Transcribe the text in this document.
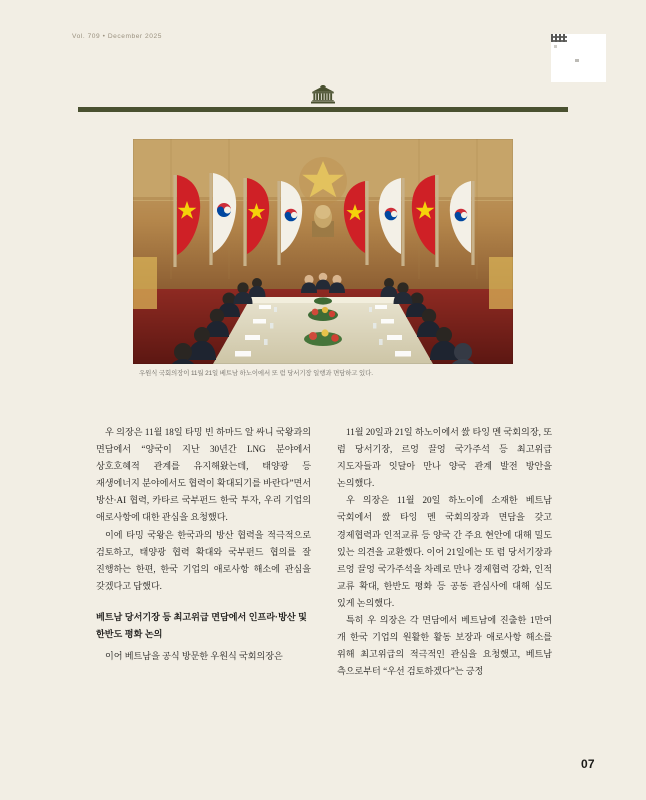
Vol. 709 • December 2025
우원식 국회의장이 11월 21일 베트남 하노이에서 또 럼 당서기장 일행과 면담하고 있다.

우 의장은 11월 18일 타밍 빈 하마드 알 싸니 국왕과의 면담에서 “양국이 지난 30년간 LNG 분야에서 상호호혜적 관계를 유지해왔는데, 태양광 등 재생에너지 분야에서도 협력이 확대되기를 바란다”면서 방산·AI 협력, 카타르 국부펀드 한국 투자, 우리 기업의 애로사항에 대한 관심을 요청했다.

이에 타밍 국왕은 한국과의 방산 협력을 적극적으로 검토하고, 태양광 협력 확대와 국부펀드 협의를 잘 진행하는 한편, 한국 기업의 애로사항 해소에 관심을 갖겠다고 답했다.

베트남 당서기장 등 최고위급 면담에서 인프라·방산 및 한반도 평화 논의

이어 베트남을 공식 방문한 우원식 국회의장은

11월 20일과 21일 하노이에서 쌄 타잉 멘 국회의장, 또 럼 당서기장, 르엉 끌엉 국가주석 등 최고위급 지도자들과 잇달아 만나 양국 관계 발전 방안을 논의했다.

우 의장은 11월 20일 하노이에 소재한 베트남 국회에서 쌄 타잉 멘 국회의장과 면담을 갖고 경제협력과 인적교류 등 양국 간 주요 현안에 대해 밀도 있는 의견을 교환했다. 이어 21일에는 또 럼 당서기장과 르엉 끌엉 국가주석을 차례로 만나 경제협력 강화, 인적 교류 확대, 한반도 평화 등 공동 관심사에 대해 심도 있게 논의했다.

특히 우 의장은 각 면담에서 베트남에 진출한 1만여 개 한국 기업의 원활한 활동 보장과 애로사항 해소를 위해 최고위급의 적극적인 관심을 요청했고, 베트남 측으로부터 “우선 검토하겠다”는 긍정

07
